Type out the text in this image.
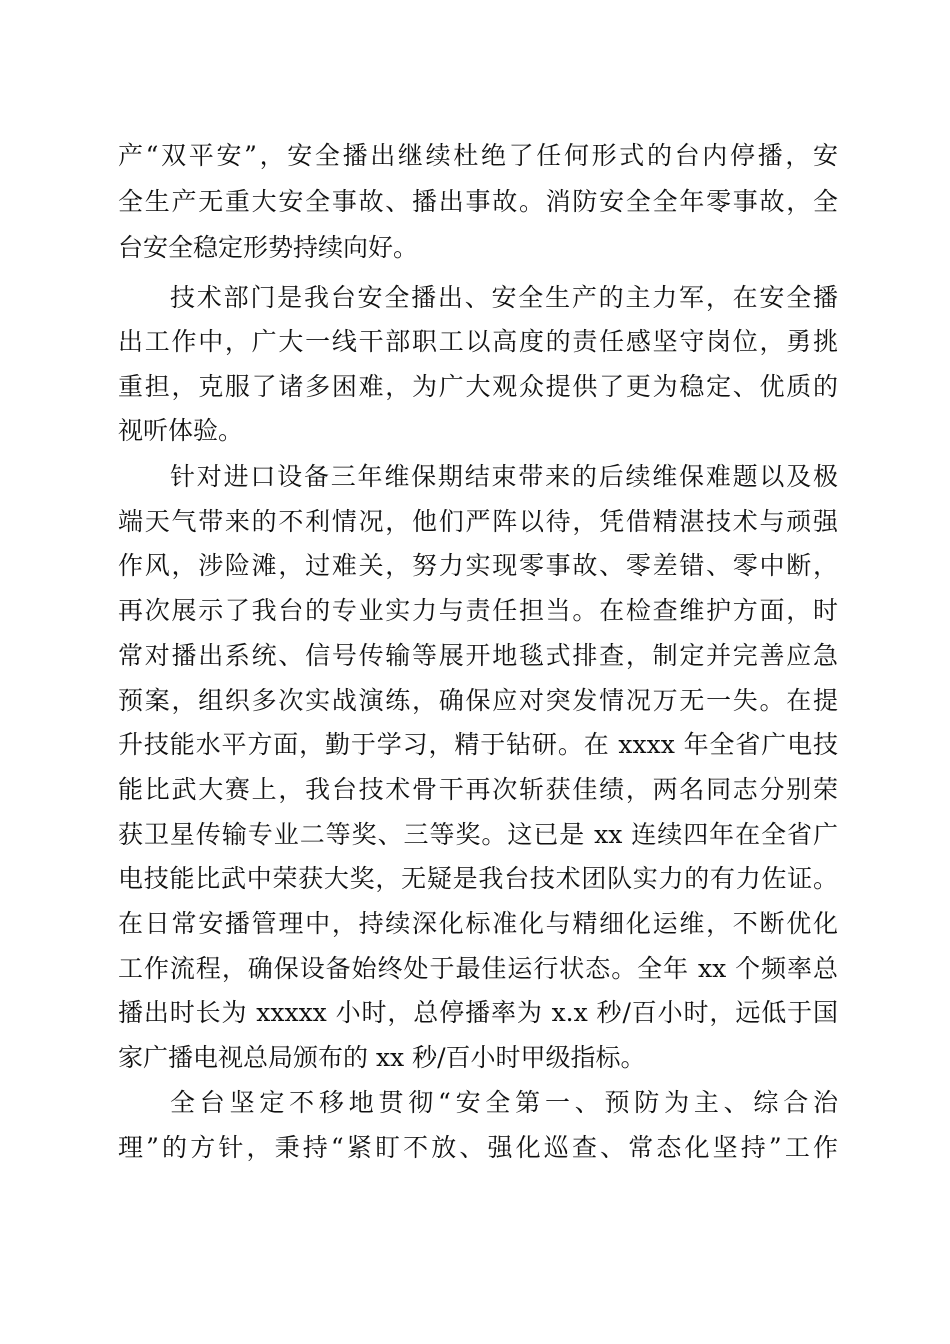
产“双平安”，安全播出继续杜绝了任何形式的台内停播，安
全生产无重大安全事故、播出事故。消防安全全年零事故，全
台安全稳定形势持续向好。
技术部门是我台安全播出、安全生产的主力军，在安全播
出工作中，广大一线干部职工以高度的责任感坚守岗位，勇挑
重担，克服了诸多困难，为广大观众提供了更为稳定、优质的
视听体验。
针对进口设备三年维保期结束带来的后续维保难题以及极
端天气带来的不利情况，他们严阵以待，凭借精湛技术与顽强
作风，涉险滩，过难关，努力实现零事故、零差错、零中断，
再次展示了我台的专业实力与责任担当。在检查维护方面，时
常对播出系统、信号传输等展开地毯式排查，制定并完善应急
预案，组织多次实战演练，确保应对突发情况万无一失。在提
升技能水平方面，勤于学习，精于钻研。在 xxxx 年全省广电技
能比武大赛上，我台技术骨干再次斩获佳绩，两名同志分别荣
获卫星传输专业二等奖、三等奖。这已是 xx 连续四年在全省广
电技能比武中荣获大奖，无疑是我台技术团队实力的有力佐证。
在日常安播管理中，持续深化标准化与精细化运维，不断优化
工作流程，确保设备始终处于最佳运行状态。全年 xx 个频率总
播出时长为 xxxxx 小时，总停播率为 x.x 秒/百小时，远低于国
家广播电视总局颁布的 xx 秒/百小时甲级指标。
全台坚定不移地贯彻“安全第一、预防为主、综合治
理”的方针，秉持“紧盯不放、强化巡查、常态化坚持”工作
